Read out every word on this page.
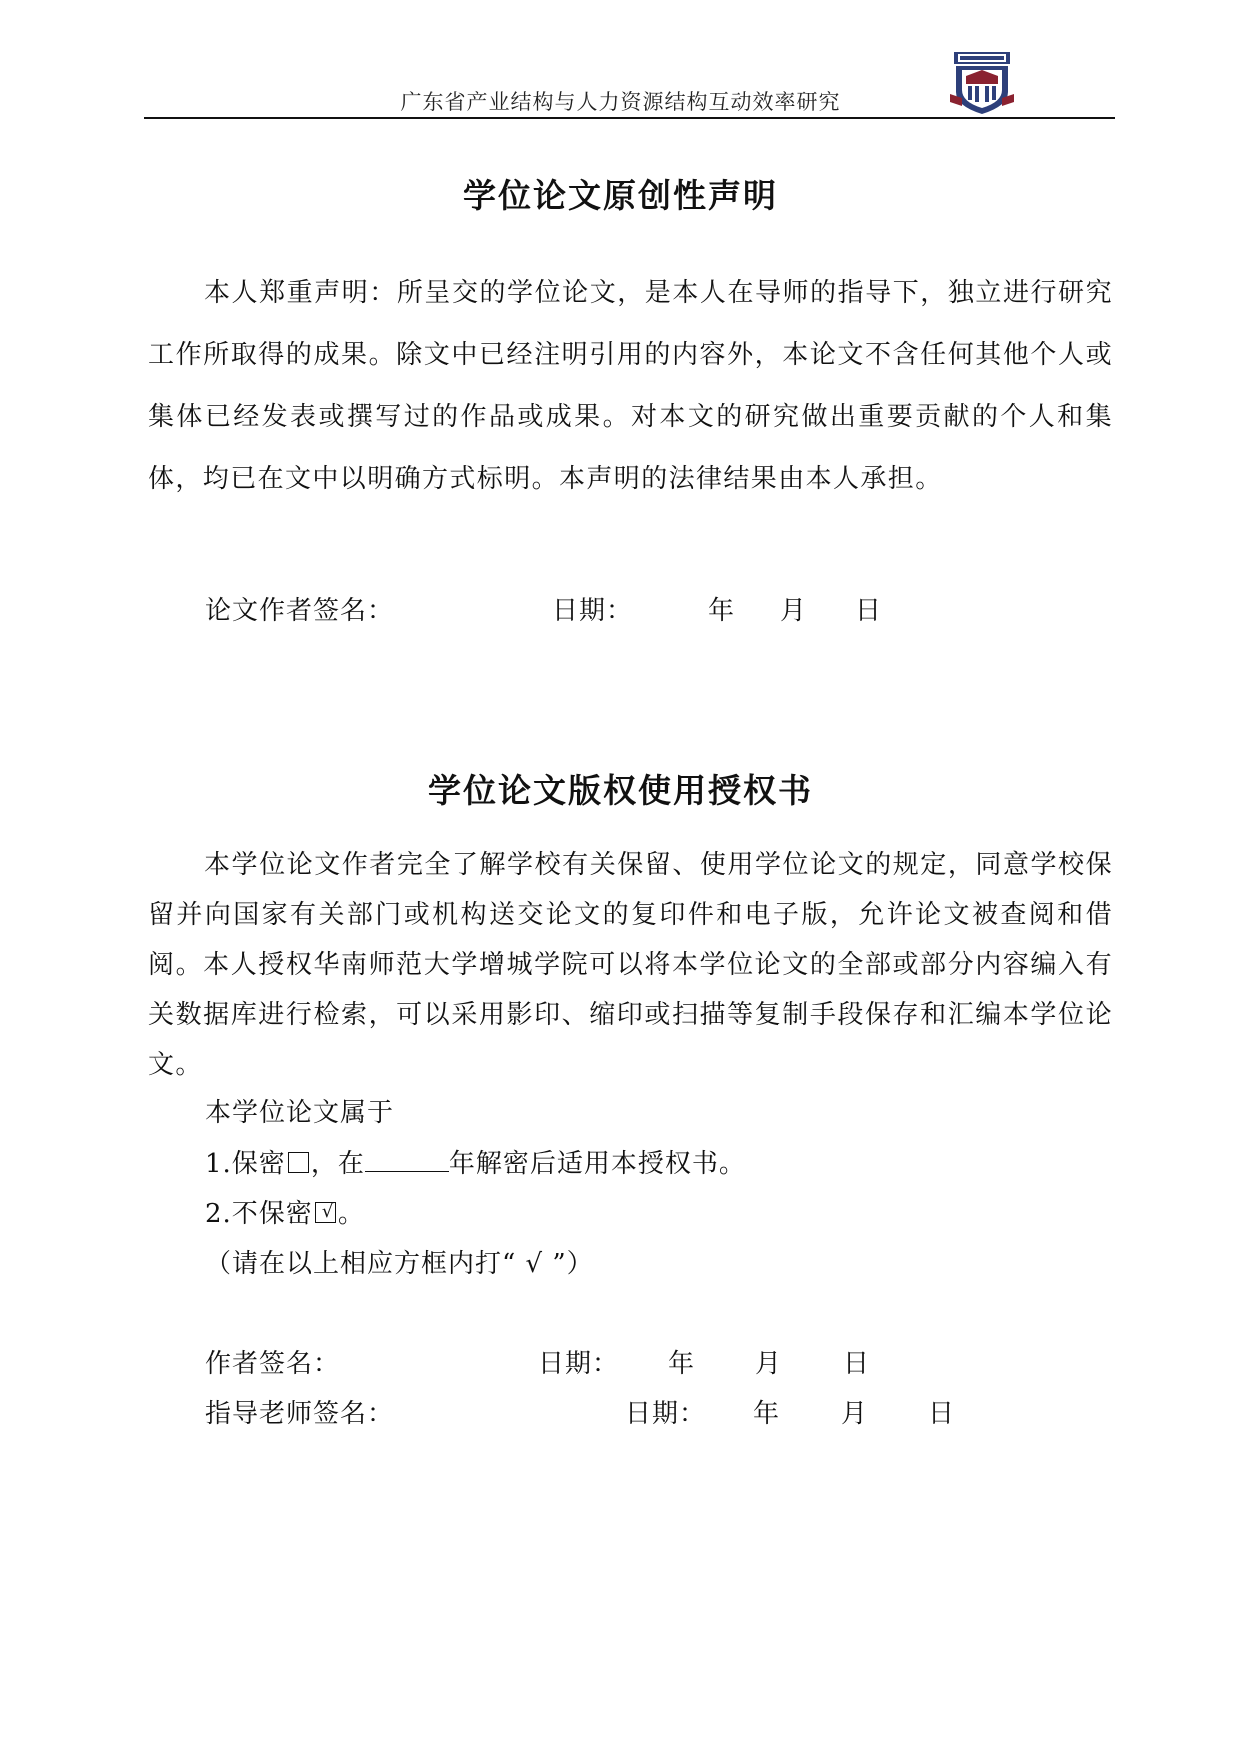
广东省产业结构与人力资源结构互动效率研究
学位论文原创性声明

本人郑重声明：所呈交的学位论文，是本人在导师的指导下，独立进行研究工作所取得的成果。除文中已经注明引用的内容外，本论文不含任何其他个人或集体已经发表或撰写过的作品或成果。对本文的研究做出重要贡献的个人和集体，均已在文中以明确方式标明。本声明的法律结果由本人承担。

论文作者签名：	日期：	年 月 日
学位论文版权使用授权书

本学位论文作者完全了解学校有关保留、使用学位论文的规定，同意学校保留并向国家有关部门或机构送交论文的复印件和电子版，允许论文被查阅和借阅。本人授权华南师范大学增城学院可以将本学位论文的全部或部分内容编入有关数据库进行检索，可以采用影印、缩印或扫描等复制手段保存和汇编本学位论文。

本学位论文属于
1.保密 ，在	年解密后适用本授权书。
2.不保密 √ 。
（请在以上相应方框内打“ √ ”）
作者签名：	日期： 年 月 日
指导老师签名：	日期： 年 月 日
